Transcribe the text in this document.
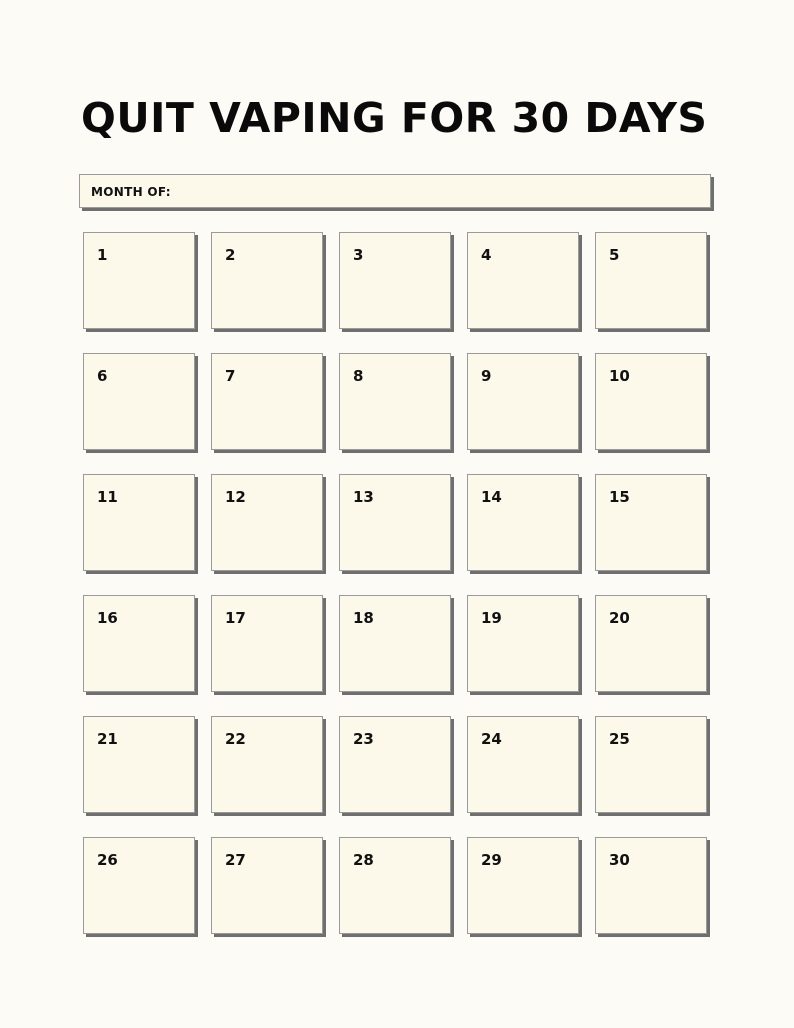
QUIT VAPING FOR 30 DAYS
MONTH OF:
1	2	3	4	5
6	7	8	9	10
11	12	13	14	15
16	17	18	19	20
21	22	23	24	25
26	27	28	29	30
